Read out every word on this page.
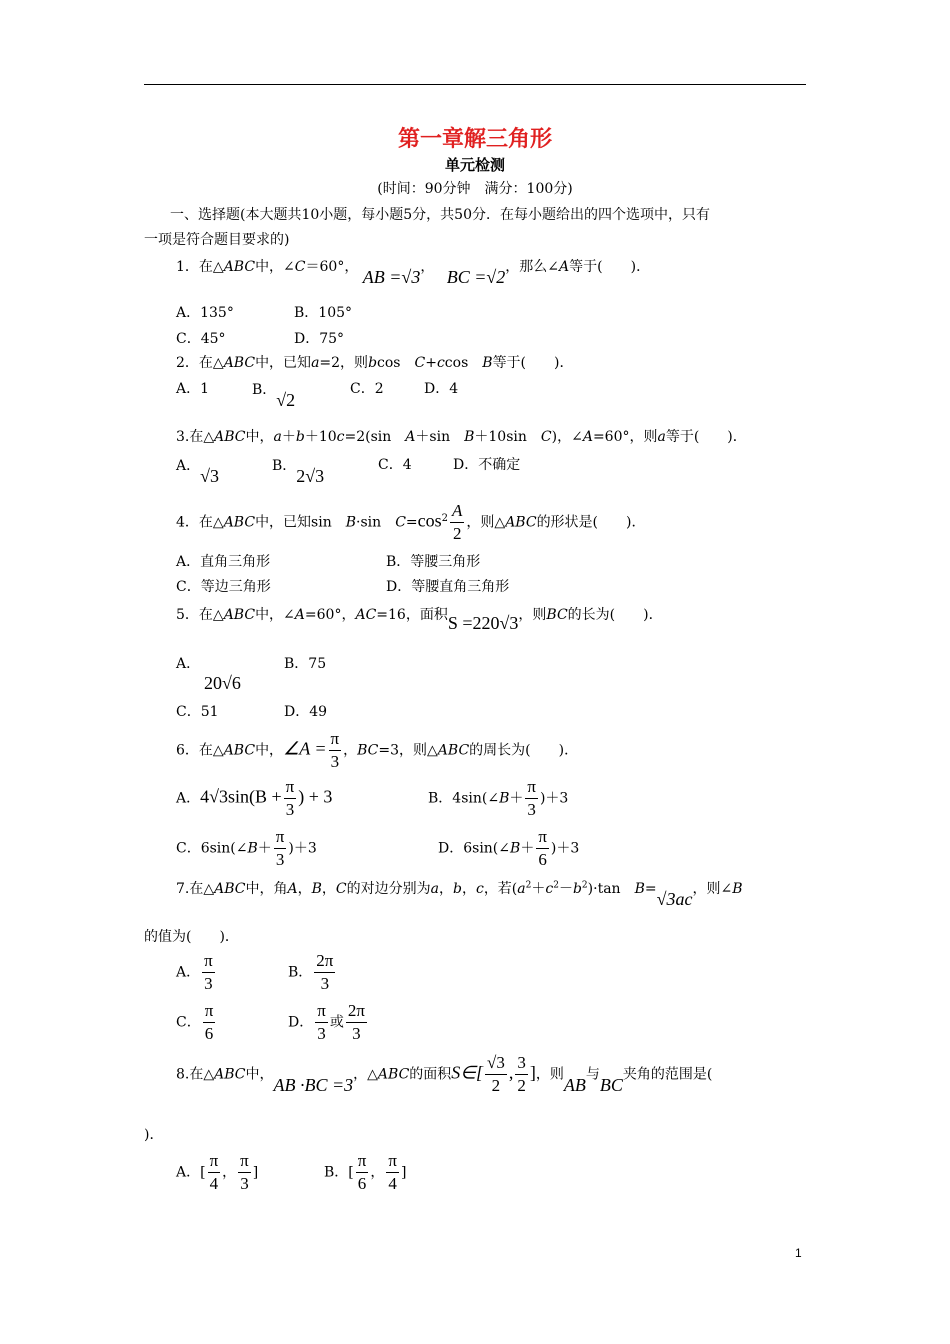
第一章解三角形
单元检测
(时间：90分钟　满分：100分)
一、选择题(本大题共10小题，每小题5分，共50分．在每小题给出的四个选项中，只有
一项是符合题目要求的)
1．在△ABC中，∠C＝60°， AB =√3， BC =√2，那么∠A等于(　　)．
A．135°	B．105°
C．45°	D．75°
2．在△ABC中，已知a=2，则bcos　C+ccos　B等于(　　)．
A．1	B．√2
C．2	D．4
3.在△ABC中，a＋b＋10c=2(sin　A＋sin　B＋10sin　C)，∠A=60°，则a等于(　　)．
A．√3	B．2√3
C．4	D．不确定
4．在△ABC中，已知sin　B·sin　$C=\cos^2 \frac{A}{2}$ ，则△ABC的形状是(　　)．
A．直角三角形	B．等腰三角形
C．等边三角形	D．等腰直角三角形
5．在△ABC中，∠A=60°，AC=16，面积S =220√3，则BC的长为(　　)．
A．
20√6
B．75
C．51	D．49
6．在△ABC中，∠A = $\frac{\pi}{3}$ ，BC=3，则△ABC的周长为(　　)．
A．$4√3\sin(B + \frac{\pi}{3}$ ) + 3	B．4sin(∠B＋ $\frac{\pi}{3} )+3$
C．6sin(∠B＋ $\frac{\pi}{3} )+3$	D．6sin(∠B＋ $\frac{\pi}{6} )+3$
7.在△ABC中，角A，B，C的对边分别为a，b，c，若$(a^2+c^2-b^2)\cdot\tan$　B=√3ac，则∠B
的值为(　　)．
A． $\frac{\pi}{3}$	B． $\frac{2\pi}{3}$
C． $\frac{\pi}{6}$	D． $\frac{\pi}{3}$ 或 $\frac{2\pi}{3}$
8.在△ABC中，AB ·BC =3，△ABC的面积S∈[ $\frac{√3}{2}$ , $\frac{3}{2}$ ]，则AB与BC夹角的范围是(
)．
A．[ $\frac{\pi}{4}$ ， $\frac{\pi}{3}$ ]	B．[ $\frac{\pi}{6}$ ， $\frac{\pi}{4}$ ]
1
